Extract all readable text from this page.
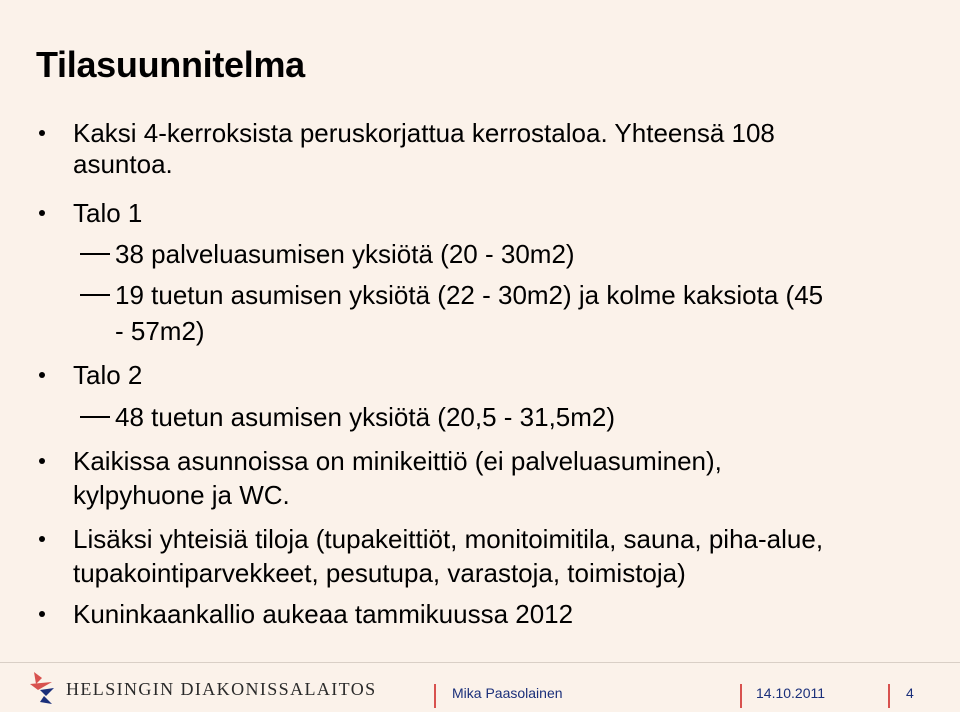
Tilasuunnitelma
Kaksi 4-kerroksista peruskorjattua kerrostaloa. Yhteensä 108
asuntoa.
Talo 1
38 palveluasumisen yksiötä (20 - 30m2)
19 tuetun asumisen yksiötä (22 - 30m2) ja kolme kaksiota (45
- 57m2)
Talo 2
48 tuetun asumisen yksiötä (20,5 - 31,5m2)
Kaikissa asunnoissa on minikeittiö (ei palveluasuminen),
kylpyhuone ja WC.
Lisäksi yhteisiä tiloja (tupakeittiöt, monitoimitila, sauna, piha-alue,
tupakointiparvekkeet, pesutupa, varastoja, toimistoja)
Kuninkaankallio aukeaa tammikuussa 2012
HELSINGIN DIAKONISSALAITOS	Mika Paasolainen	14.10.2011	4
